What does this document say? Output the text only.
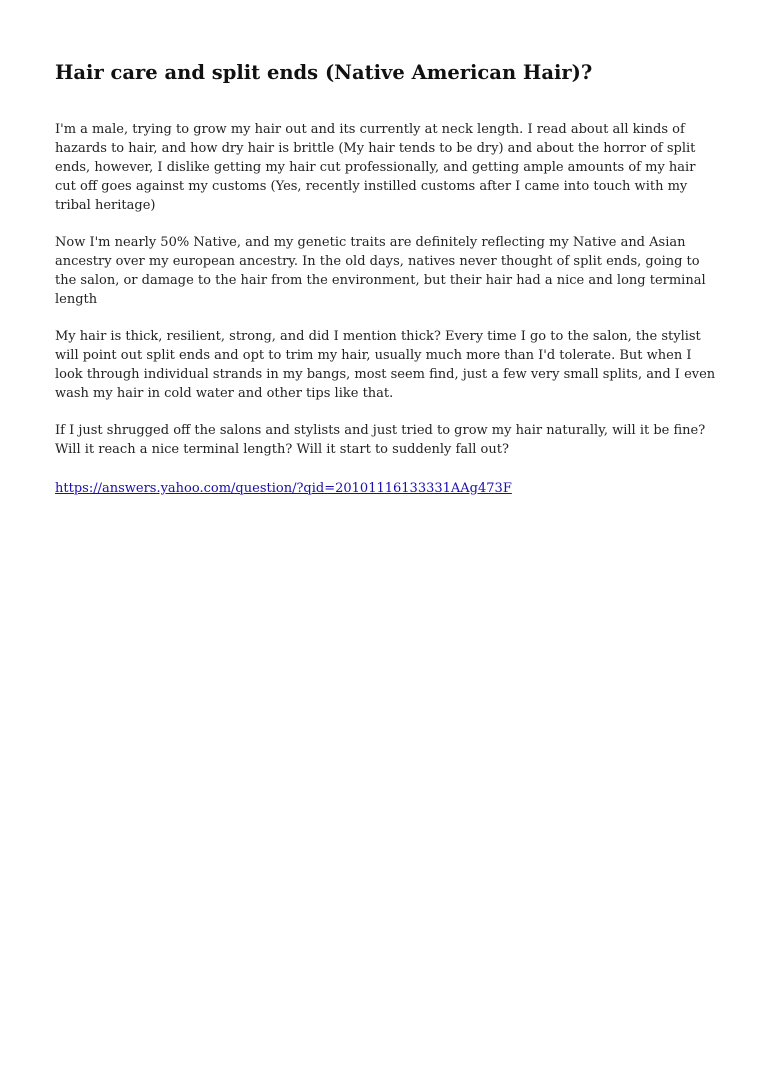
Hair care and split ends (Native American Hair)?

I'm a male, trying to grow my hair out and its currently at neck length. I read about all kinds of hazards to hair, and how dry hair is brittle (My hair tends to be dry) and about the horror of split ends, however, I dislike getting my hair cut professionally, and getting ample amounts of my hair cut off goes against my customs (Yes, recently instilled customs after I came into touch with my tribal heritage)

Now I'm nearly 50% Native, and my genetic traits are definitely reflecting my Native and Asian ancestry over my european ancestry. In the old days, natives never thought of split ends, going to the salon, or damage to the hair from the environment, but their hair had a nice and long terminal length

My hair is thick, resilient, strong, and did I mention thick? Every time I go to the salon, the stylist will point out split ends and opt to trim my hair, usually much more than I'd tolerate. But when I look through individual strands in my bangs, most seem find, just a few very small splits, and I even wash my hair in cold water and other tips like that.

If I just shrugged off the salons and stylists and just tried to grow my hair naturally, will it be fine? Will it reach a nice terminal length? Will it start to suddenly fall out?

https://answers.yahoo.com/question/?qid=20101116133331AAg473F
